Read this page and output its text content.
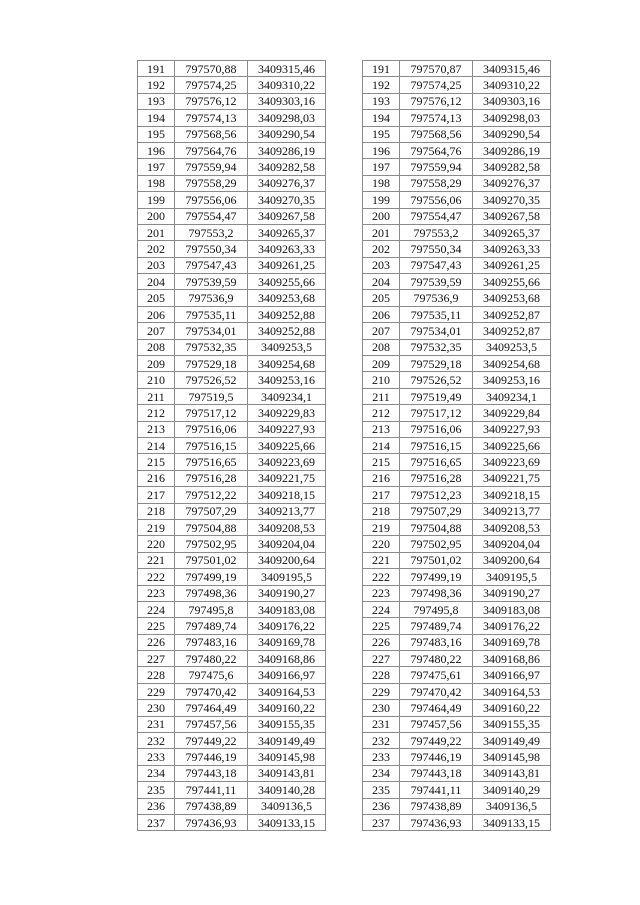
191	797570,88	3409315,46
192	797574,25	3409310,22
193	797576,12	3409303,16
194	797574,13	3409298,03
195	797568,56	3409290,54
196	797564,76	3409286,19
197	797559,94	3409282,58
198	797558,29	3409276,37
199	797556,06	3409270,35
200	797554,47	3409267,58
201	797553,2	3409265,37
202	797550,34	3409263,33
203	797547,43	3409261,25
204	797539,59	3409255,66
205	797536,9	3409253,68
206	797535,11	3409252,88
207	797534,01	3409252,88
208	797532,35	3409253,5
209	797529,18	3409254,68
210	797526,52	3409253,16
211	797519,5	3409234,1
212	797517,12	3409229,83
213	797516,06	3409227,93
214	797516,15	3409225,66
215	797516,65	3409223,69
216	797516,28	3409221,75
217	797512,22	3409218,15
218	797507,29	3409213,77
219	797504,88	3409208,53
220	797502,95	3409204,04
221	797501,02	3409200,64
222	797499,19	3409195,5
223	797498,36	3409190,27
224	797495,8	3409183,08
225	797489,74	3409176,22
226	797483,16	3409169,78
227	797480,22	3409168,86
228	797475,6	3409166,97
229	797470,42	3409164,53
230	797464,49	3409160,22
231	797457,56	3409155,35
232	797449,22	3409149,49
233	797446,19	3409145,98
234	797443,18	3409143,81
235	797441,11	3409140,28
236	797438,89	3409136,5
237	797436,93	3409133,15
191	797570,87	3409315,46
192	797574,25	3409310,22
193	797576,12	3409303,16
194	797574,13	3409298,03
195	797568,56	3409290,54
196	797564,76	3409286,19
197	797559,94	3409282,58
198	797558,29	3409276,37
199	797556,06	3409270,35
200	797554,47	3409267,58
201	797553,2	3409265,37
202	797550,34	3409263,33
203	797547,43	3409261,25
204	797539,59	3409255,66
205	797536,9	3409253,68
206	797535,11	3409252,87
207	797534,01	3409252,87
208	797532,35	3409253,5
209	797529,18	3409254,68
210	797526,52	3409253,16
211	797519,49	3409234,1
212	797517,12	3409229,84
213	797516,06	3409227,93
214	797516,15	3409225,66
215	797516,65	3409223,69
216	797516,28	3409221,75
217	797512,23	3409218,15
218	797507,29	3409213,77
219	797504,88	3409208,53
220	797502,95	3409204,04
221	797501,02	3409200,64
222	797499,19	3409195,5
223	797498,36	3409190,27
224	797495,8	3409183,08
225	797489,74	3409176,22
226	797483,16	3409169,78
227	797480,22	3409168,86
228	797475,61	3409166,97
229	797470,42	3409164,53
230	797464,49	3409160,22
231	797457,56	3409155,35
232	797449,22	3409149,49
233	797446,19	3409145,98
234	797443,18	3409143,81
235	797441,11	3409140,29
236	797438,89	3409136,5
237	797436,93	3409133,15
